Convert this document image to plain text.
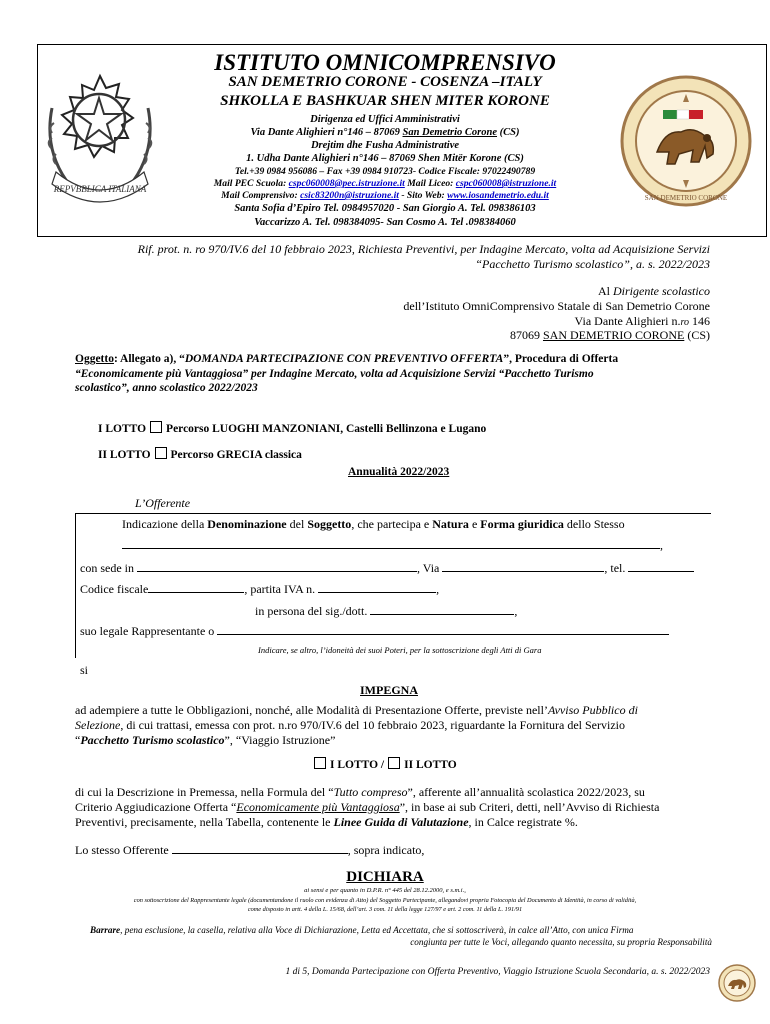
REPVBBLICA ITALIANA
ISTITUTO OMNICOMPRENSIVO
SAN DEMETRIO CORONE - COSENZA –ITALY
SHKOLLA E BASHKUAR SHEN MITER KORONE
Dirigenza ed Uffici Amministrativi
Via Dante Alighieri n°146 – 87069 San Demetrio Corone (CS)
Drejtim dhe Fusha Administrative
1. Udha Dante Alighieri n°146 – 87069 Shen Mitër Korone (CS)
Tel.+39 0984 956086 – Fax +39 0984 910723- Codice Fiscale: 97022490789
Mail PEC Scuola: cspc060008@pec.istruzione.it Mail Liceo: cspc060008@istruzione.it
Mail Comprensivo: csic83200n@istruzione.it - Sito Web: www.iosandemetrio.edu.it
Santa Sofia d’Epiro Tel. 0984957020 - San Giorgio A. Tel. 098386103
Vaccarizzo A. Tel. 098384095- San Cosmo A. Tel .098384060
SAN DEMETRIO CORONE
Rif. prot. n. ro 970/IV.6 del 10 febbraio 2023, Richiesta Preventivi, per Indagine Mercato, volta ad Acquisizione Servizi
“Pacchetto Turismo scolastico”, a. s. 2022/2023
Al Dirigente scolastico
dell’Istituto OmniComprensivo Statale di San Demetrio Corone
Via Dante Alighieri n.ro 146
87069 SAN DEMETRIO CORONE (CS)
Oggetto: Allegato a), “DOMANDA PARTECIPAZIONE CON PREVENTIVO OFFERTA”, Procedura di Offerta
“Economicamente più Vantaggiosa” per Indagine Mercato, volta ad Acquisizione Servizi “Pacchetto Turismo
scolastico”, anno scolastico 2022/2023
I LOTTO Percorso LUOGHI MANZONIANI, Castelli Bellinzona e Lugano
II LOTTO Percorso GRECIA classica
Annualità 2022/2023
L’Offerente
Indicazione della Denominazione del Soggetto, che partecipa e Natura e Forma giuridica dello Stesso
,
con sede in	, Via	, tel.
Codice fiscale	, partita IVA n.	,
in persona del sig./dott.	,
suo legale Rappresentante o
Indicare, se altro, l’idoneità dei suoi Poteri, per la sottoscrizione degli Atti di Gara
si
IMPEGNA
ad adempiere a tutte le Obbligazioni, nonché, alle Modalità di Presentazione Offerte, previste nell’Avviso Pubblico di
Selezione, di cui trattasi, emessa con prot. n.ro 970/IV.6 del 10 febbraio 2023, riguardante la Fornitura del Servizio
“Pacchetto Turismo scolastico”, “Viaggio Istruzione”
I LOTTO / II LOTTO
di cui la Descrizione in Premessa, nella Formula del “Tutto compreso”, afferente all’annualità scolastica 2022/2023, su
Criterio Aggiudicazione Offerta “Economicamente più Vantaggiosa”, in base ai sub Criteri, detti, nell’Avviso di Richiesta
Preventivi, precisamente, nella Tabella, contenente le Linee Guida di Valutazione, in Calce registrate %.
Lo stesso Offerente	, sopra indicato,
DICHIARA
ai sensi e per quanto in D.P.R. n° 445 del 28.12.2000, e s.m.i.,
con sottoscrizione del Rappresentante legale (documentandone il ruolo con evidenza di Atto) del Soggetto Partecipante, allegandovi propria Fotocopia del Documento di Identità, in corso di validità,
come disposto in artt. 4 della L. 15/68, dell’art. 3 com. 11 della legge 127/97 e art. 2 com. 11 della L. 191/91
Barrare, pena esclusione, la casella, relativa alla Voce di Dichiarazione, Letta ed Accettata, che si sottoscriverà, in calce all’Atto, con unica Firma
congiunta per tutte le Voci, allegando quanto necessita, su propria Responsabilità
1 di 5, Domanda Partecipazione con Offerta Preventivo, Viaggio Istruzione Scuola Secondaria, a. s. 2022/2023
